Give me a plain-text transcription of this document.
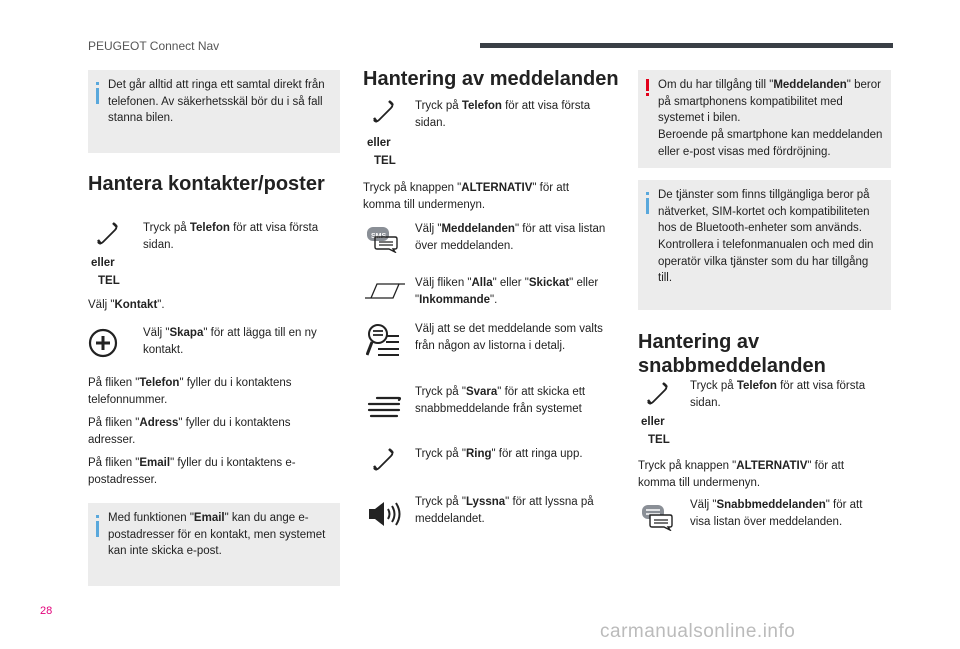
PEUGEOT Connect Nav
Det går alltid att ringa ett samtal direkt från telefonen. Av säkerhetsskäl bör du i så fall stanna bilen.
Hantera kontakter/poster
eller
TEL
Tryck på Telefon för att visa första sidan.
Välj "Kontakt".
Välj "Skapa" för att lägga till en ny kontakt.
På fliken "Telefon" fyller du i kontaktens telefonnummer.
På fliken "Adress" fyller du i kontaktens adresser.
På fliken "Email" fyller du i kontaktens e-postadresser.
Med funktionen "Email" kan du ange e-postadresser för en kontakt, men systemet kan inte skicka e-post.
Hantering av meddelanden
eller
TEL
Tryck på Telefon för att visa första sidan.
Tryck på knappen "ALTERNATIV" för att komma till undermenyn.
SMS
Välj "Meddelanden" för att visa listan över meddelanden.
Välj fliken "Alla" eller "Skickat" eller "Inkommande".
Välj att se det meddelande som valts från någon av listorna i detalj.
Tryck på "Svara" för att skicka ett snabbmeddelande från systemet
Tryck på "Ring" för att ringa upp.
Tryck på "Lyssna" för att lyssna på meddelandet.
Om du har tillgång till "Meddelanden" beror på smartphonens kompatibilitet med systemet i bilen.
Beroende på smartphone kan meddelanden eller e-post visas med fördröjning.
De tjänster som finns tillgängliga beror på nätverket, SIM-kortet och kompatibiliteten hos de Bluetooth-enheter som används. Kontrollera i telefonmanualen och med din operatör vilka tjänster som du har tillgång till.
Hantering av snabbmeddelanden
eller
TEL
Tryck på Telefon för att visa första sidan.
Tryck på knappen "ALTERNATIV" för att komma till undermenyn.
Välj "Snabbmeddelanden" för att visa listan över meddelanden.
28
carmanualsonline.info
